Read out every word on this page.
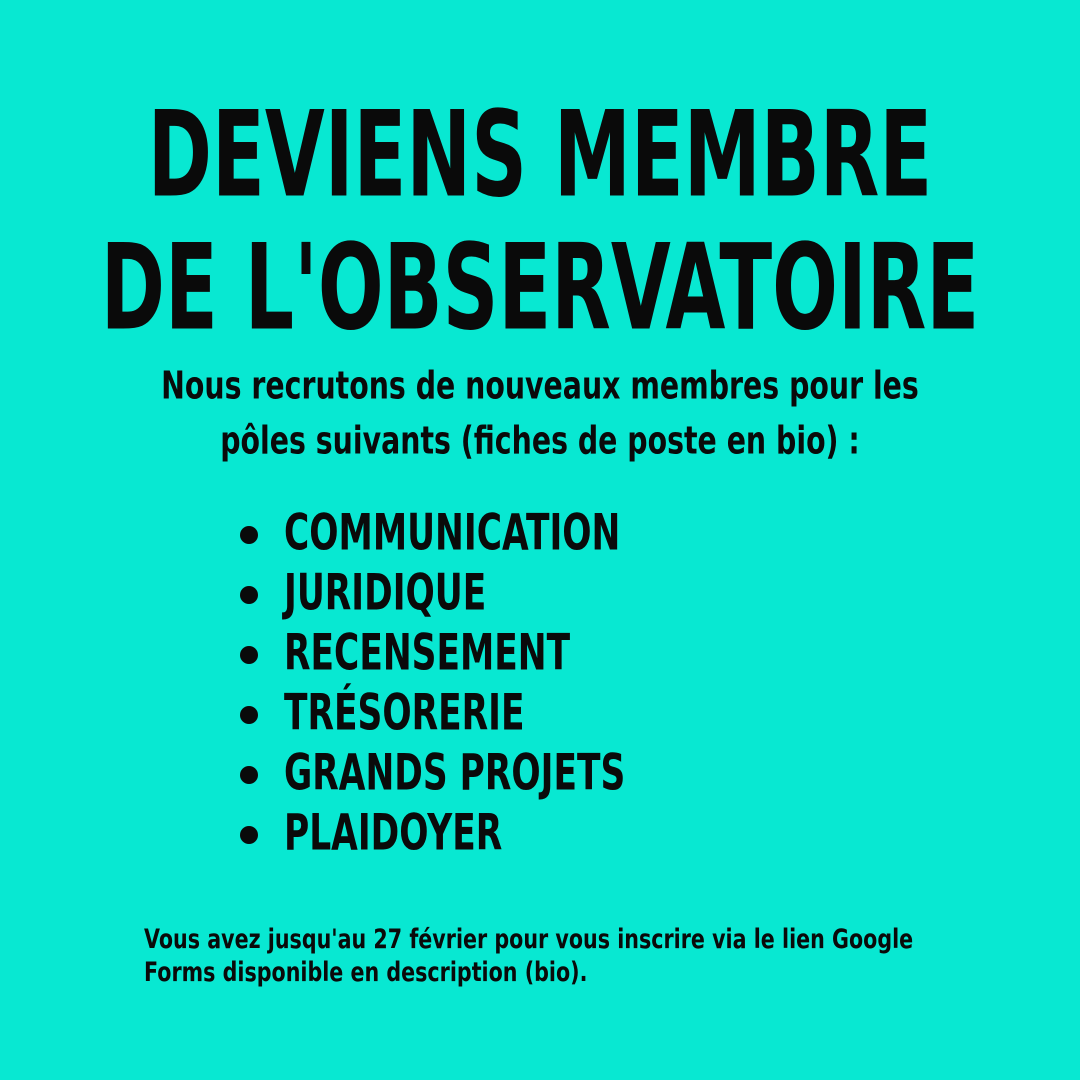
DEVIENS MEMBRE
DE L'OBSERVATOIRE
Nous recrutons de nouveaux membres pour les
pôles suivants (fiches de poste en bio) :
COMMUNICATION
JURIDIQUE
RECENSEMENT
TRÉSORERIE
GRANDS PROJETS
PLAIDOYER
Vous avez jusqu'au 27 février pour vous inscrire via le lien Google
Forms disponible en description (bio).
